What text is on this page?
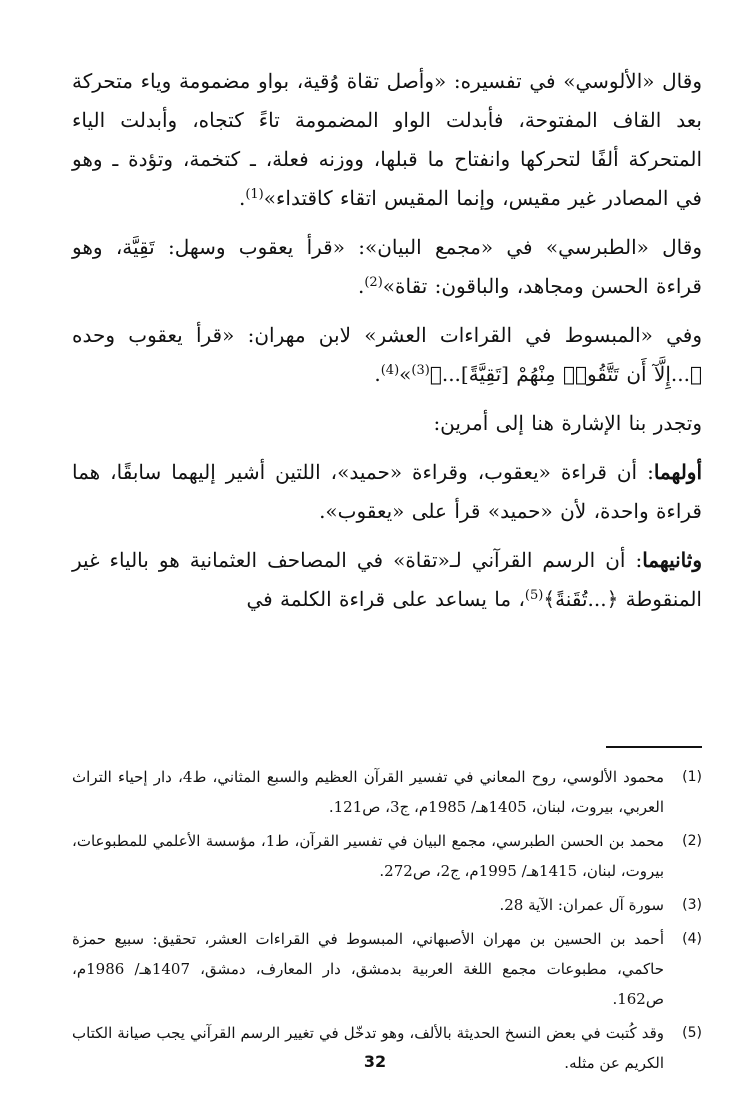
وقال «الألوسي» في تفسيره: «وأصل تقاة وُقية، بواو مضمومة وياء متحركة بعد القاف المفتوحة، فأبدلت الواو المضمومة تاءً كتجاه، وأبدلت الياء المتحركة ألفًا لتحركها وانفتاح ما قبلها، ووزنه فعلة، ـ كتخمة، وتؤدة ـ وهو في المصادر غير مقيس، وإنما المقيس اتقاء كاقتداء»$^{(1)}$.

وقال «الطبرسي» في «مجمع البيان»: «قرأ يعقوب وسهل: تَقِيَّة، وهو قراءة الحسن ومجاهد، والباقون: تقاة»$^{(2)}$.

وفي «المبسوط في القراءات العشر» لابن مهران: «قرأ يعقوب وحده ﴿...إِلَّآ أَن تَتَّقُوا۟ مِنْهُمْ [تَقِيَّةً]...﴾$^{(3)}$»$^{(4)}$.

وتجدر بنا الإشارة هنا إلى أمرين:

أولهما: أن قراءة «يعقوب، وقراءة «حميد»، اللتين أشير إليهما سابقًا، هما قراءة واحدة، لأن «حميد» قرأ على «يعقوب».

وثانيهما: أن الرسم القرآني لـ«تقاة» في المصاحف العثمانية هو بالياء غير المنقوطة ﴿...تُقَنةً﴾$^{(5)}$، ما يساعد على قراءة الكلمة في

(1)
محمود الألوسي، روح المعاني في تفسير القرآن العظيم والسبع المثاني، ط4، دار إحياء التراث العربي، بيروت، لبنان، 1405هـ/ 1985م، ج3، ص121.
(2)
محمد بن الحسن الطبرسي، مجمع البيان في تفسير القرآن، ط1، مؤسسة الأعلمي للمطبوعات، بيروت، لبنان، 1415هـ/ 1995م، ج2، ص272.
(3)
سورة آل عمران: الآية 28.
(4)
أحمد بن الحسين بن مهران الأصبهاني، المبسوط في القراءات العشر، تحقيق: سبيع حمزة حاكمي، مطبوعات مجمع اللغة العربية بدمشق، دار المعارف، دمشق، 1407هـ/ 1986م، ص162.
(5)
وقد كُتبت في بعض النسخ الحديثة بالألف، وهو تدخّل في تغيير الرسم القرآني يجب صيانة الكتاب الكريم عن مثله.
32
